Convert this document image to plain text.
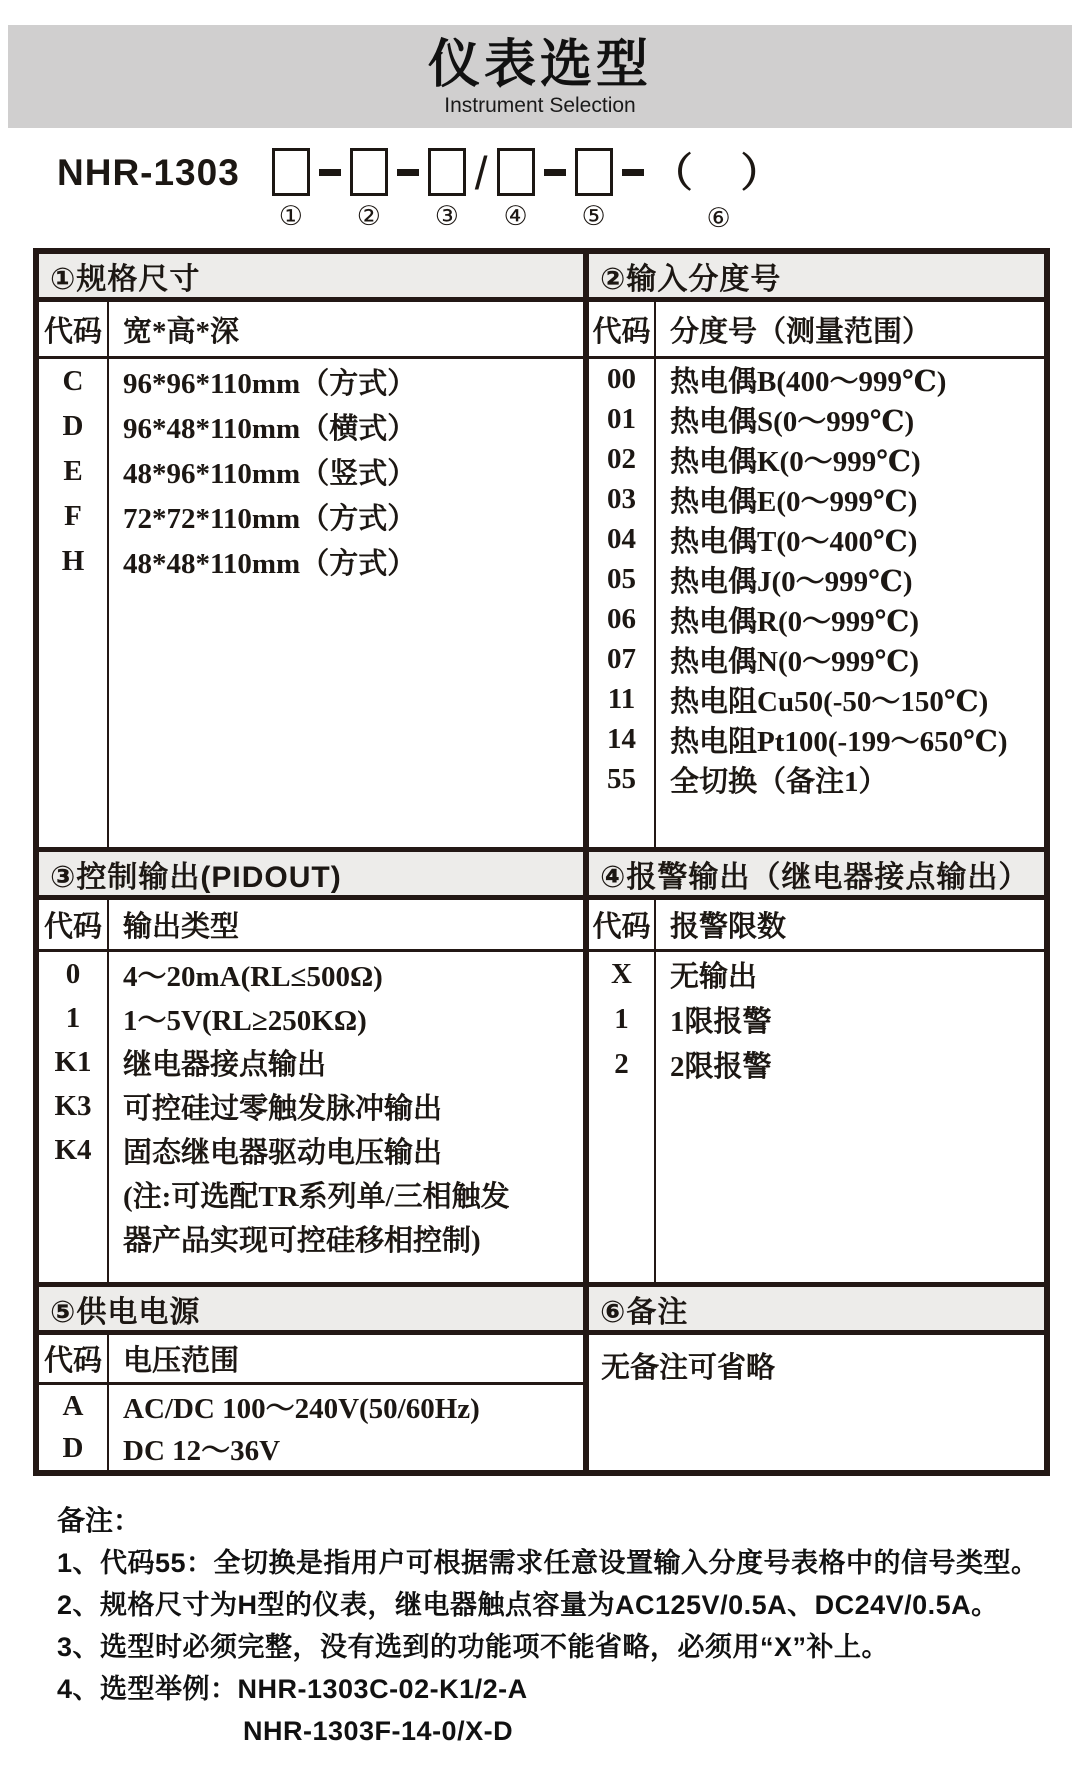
仪表选型
Instrument Selection
NHR-1303
① ② ③
/
④ ⑤
（　）
⑥
①规格尺寸
代码 宽*高*深
C
D
E
F
H
96*96*110mm（方式）
96*48*110mm（横式）
48*96*110mm（竖式）
72*72*110mm（方式）
48*48*110mm（方式）
③控制输出(PIDOUT)
代码 输出类型
0
1
K1
K3
K4
4～20mA(RL≤500Ω)
1～5V(RL≥250KΩ)
继电器接点输出
可控硅过零触发脉冲输出
固态继电器驱动电压输出
(注:可选配TR系列单/三相触发
器产品实现可控硅移相控制)
⑤供电电源
代码 电压范围
A
D
AC/DC 100～240V(50/60Hz)
DC 12～36V
②输入分度号
代码 分度号（测量范围）
00
01
02
03
04
05
06
07
11
14
55
热电偶B(400～999℃)
热电偶S(0～999℃)
热电偶K(0～999℃)
热电偶E(0～999℃)
热电偶T(0～400℃)
热电偶J(0～999℃)
热电偶R(0～999℃)
热电偶N(0～999℃)
热电阻Cu50(-50～150℃)
热电阻Pt100(-199～650℃)
全切换（备注1）
④报警输出（继电器接点输出）
代码 报警限数
X
1
2
无输出
1限报警
2限报警
⑥备注
无备注可省略
备注：
1、代码55：全切换是指用户可根据需求任意设置输入分度号表格中的信号类型。
2、规格尺寸为H型的仪表，继电器触点容量为AC125V/0.5A、DC24V/0.5A。
3、选型时必须完整，没有选到的功能项不能省略，必须用“X”补上。
4、选型举例：NHR-1303C-02-K1/2-A
NHR-1303F-14-0/X-D
